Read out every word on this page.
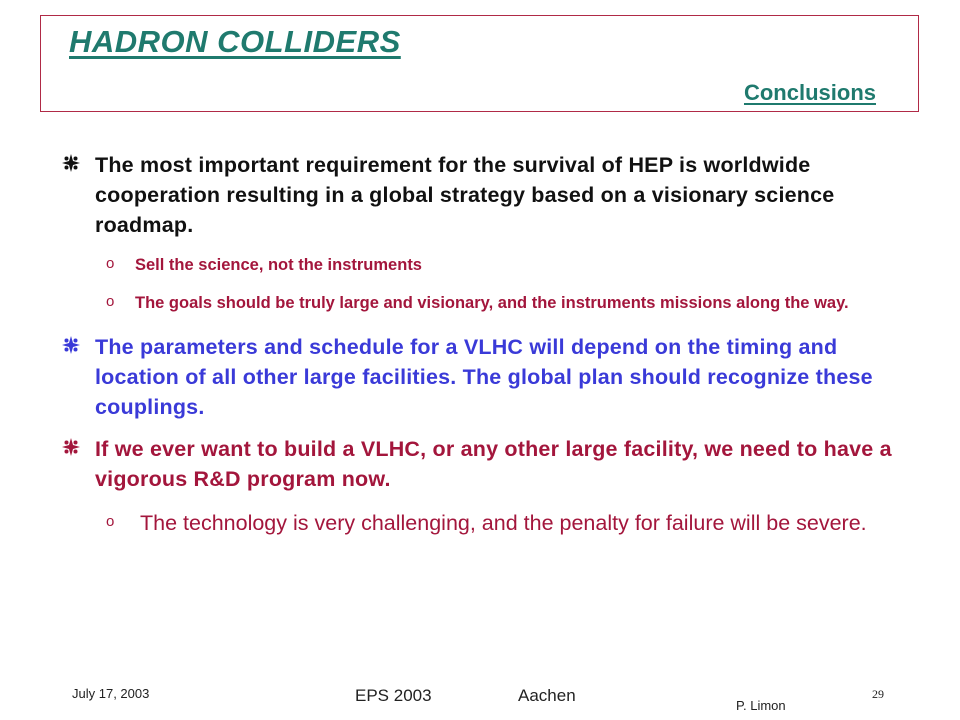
HADRON COLLIDERS
Conclusions
The most important requirement for the survival of HEP is worldwide cooperation resulting in a global strategy based on a visionary science roadmap.
o Sell the science, not the instruments
o The goals should be truly large and visionary, and the instruments missions along the way.
The parameters and schedule for a VLHC will depend on the timing and location of all other large facilities. The global plan should recognize these couplings.
If we ever want to build a VLHC, or any other large facility, we need to have a vigorous R&D program now.
o The technology is very challenging, and the penalty for failure will be severe.
July 17, 2003	EPS 2003	Aachen
P. Limon
29
